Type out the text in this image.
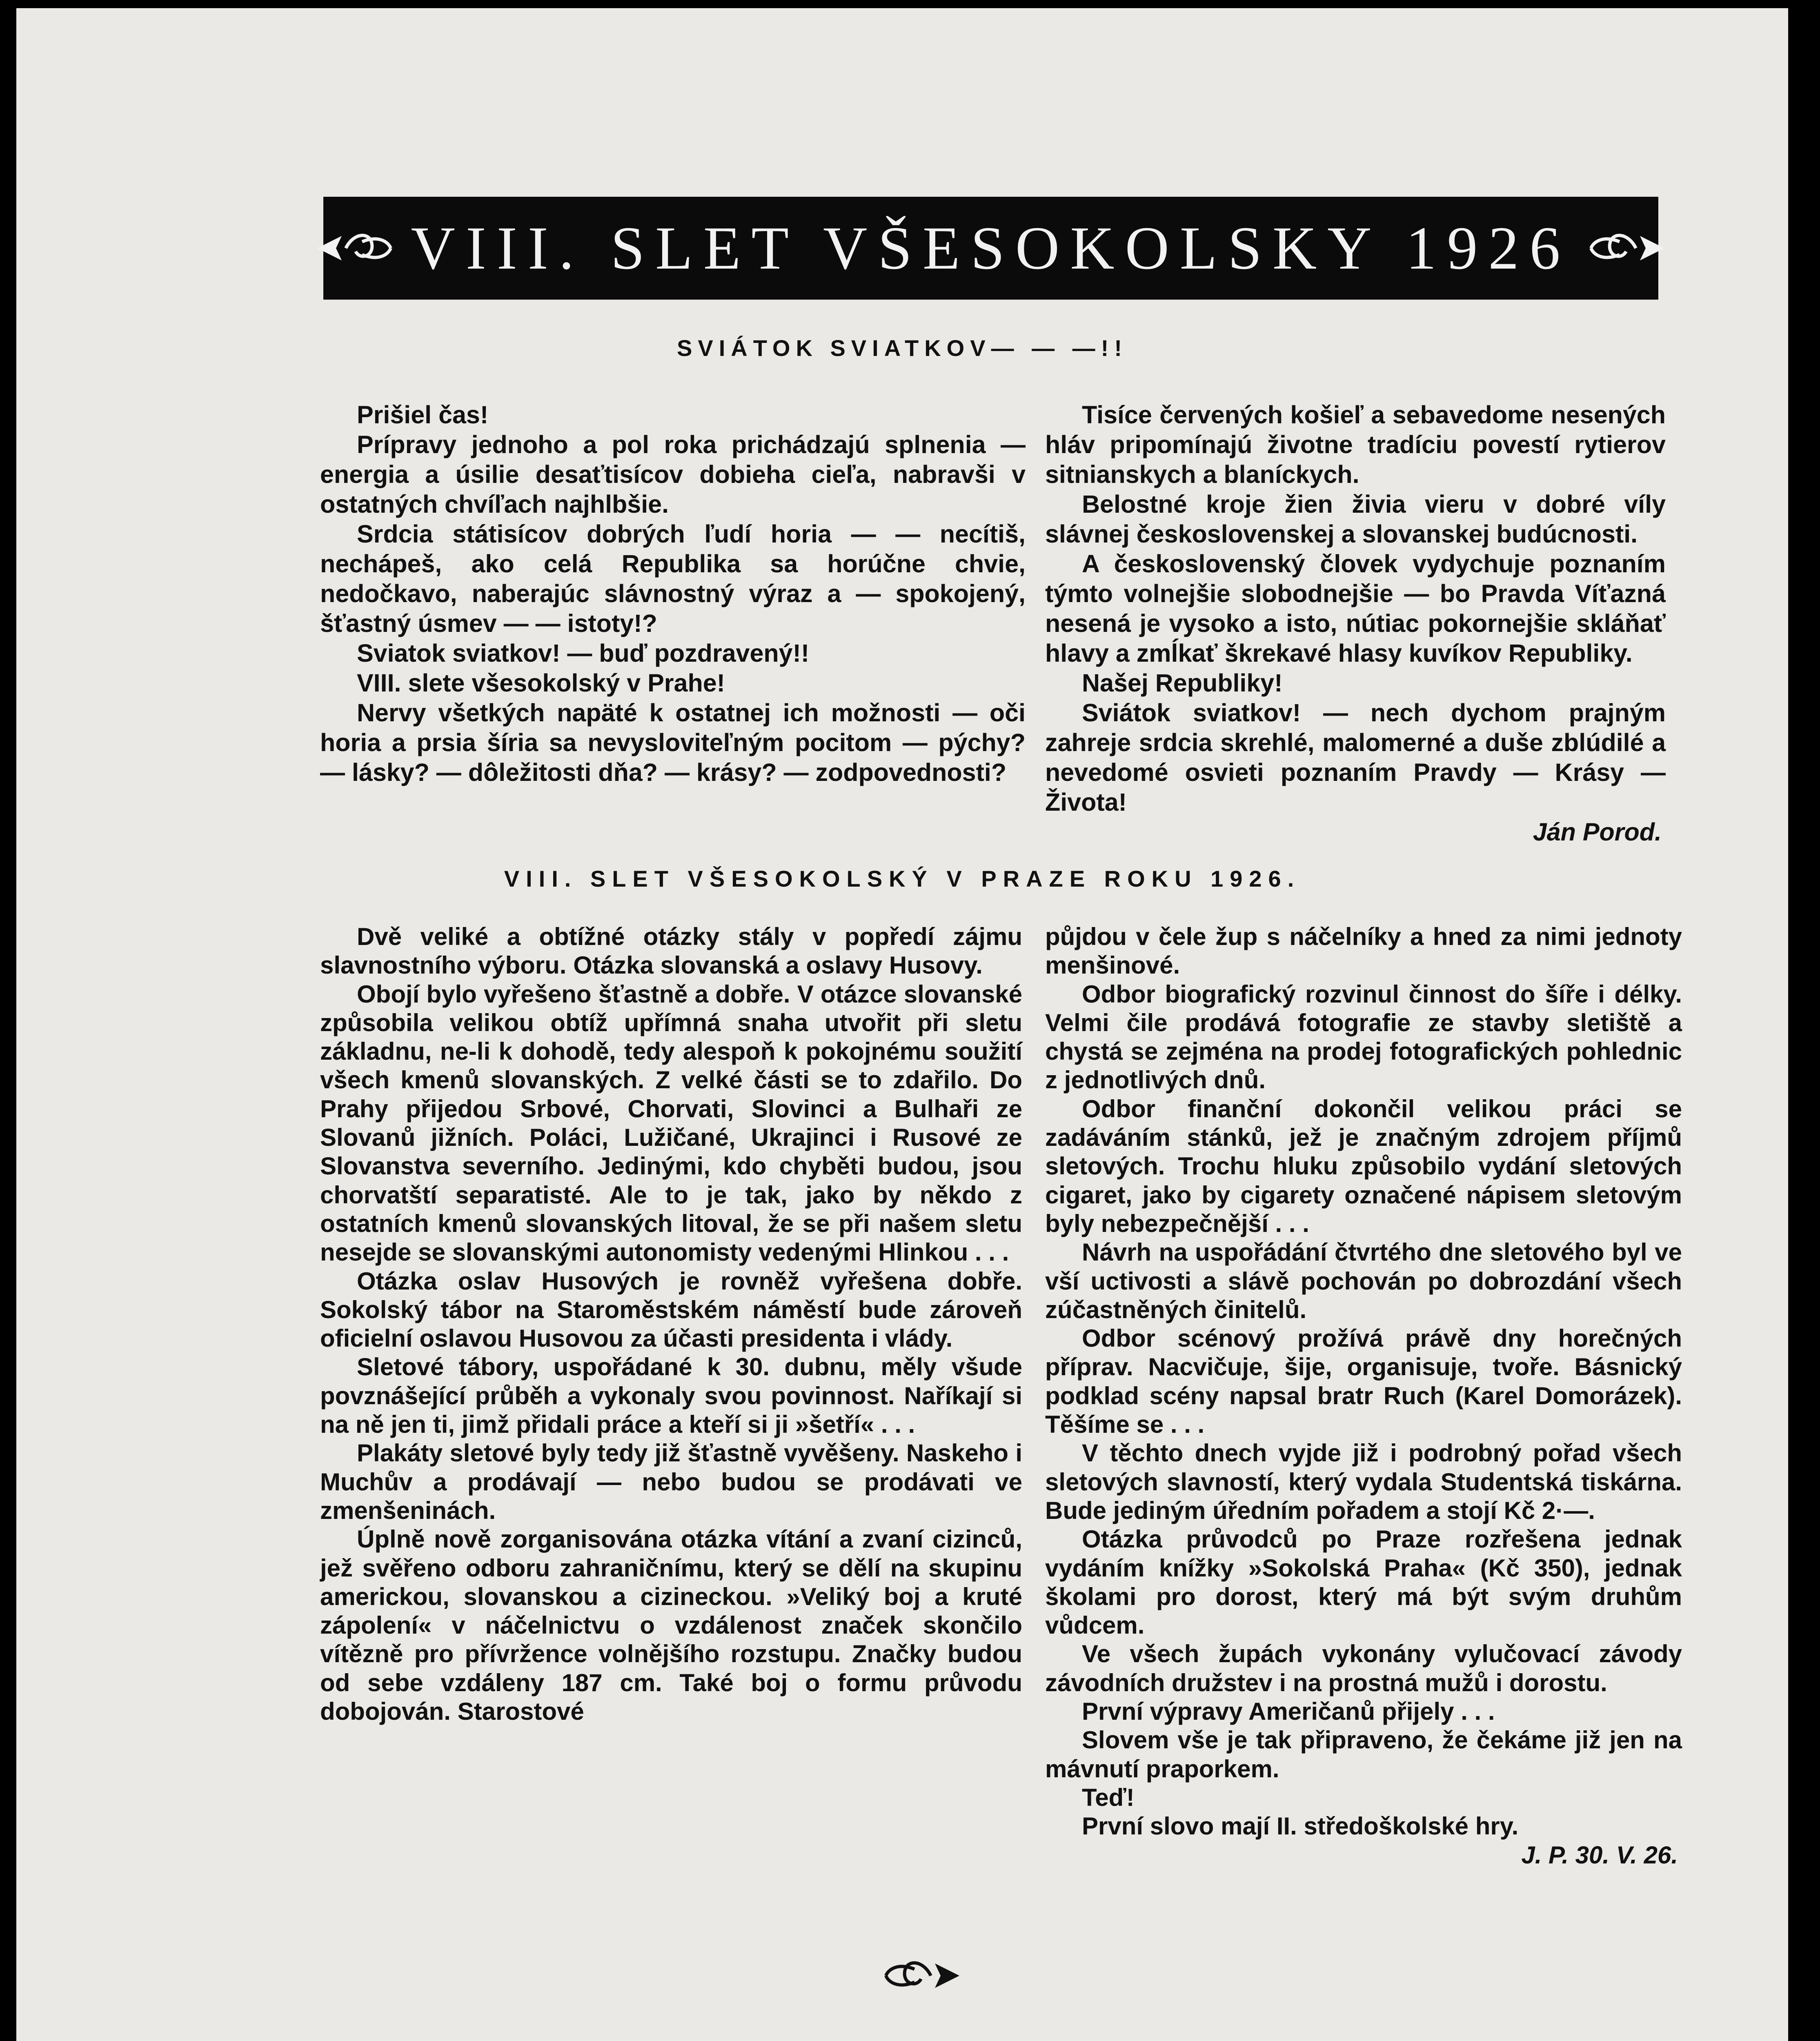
VIII. SLET VŠESOKOLSKY 1926
SVIÁTOK SVIATKOV— — —!!

Prišiel čas!

Prípravy jednoho a pol roka prichádzajú splnenia — energia a úsilie desaťtisícov dobieha cieľa, nabravši v ostatných chvíľach najhlbšie.

Srdcia státisícov dobrých ľudí horia — — necítiš, nechápeš, ako celá Republika sa horúčne chvie, nedočkavo, naberajúc slávnostný výraz a — spokojený, šťastný úsmev — — istoty!?

Sviatok sviatkov! — buď pozdravený!!

VIII. slete všesokolský v Prahe!

Nervy všetkých napäté k ostatnej ich možnosti — oči horia a prsia šíria sa nevysloviteľným pocitom — pýchy? — lásky? — dôležitosti dňa? — krásy? — zodpovednosti?

Tisíce červených košieľ a sebavedome nesených hláv pripomínajú životne tradíciu povestí rytierov sitnianskych a blaníckych.

Belostné kroje žien živia vieru v dobré víly slávnej československej a slovanskej budúcnosti.

A československý človek vydychuje poznaním týmto volnejšie slobodnejšie — bo Pravda Víťazná nesená je vysoko a isto, nútiac pokornejšie skláňať hlavy a zmĺkať škrekavé hlasy kuvíkov Republiky.

Našej Republiky!

Sviátok sviatkov! — nech dychom prajným zahreje srdcia skrehlé, malomerné a duše zblúdilé a nevedomé osvieti poznaním Pravdy — Krásy — Života!

Ján Porod.

VIII. SLET VŠESOKOLSKÝ V PRAZE ROKU 1926.

Dvě veliké a obtížné otázky stály v popředí zájmu slavnostního výboru. Otázka slovanská a oslavy Husovy.

Obojí bylo vyřešeno šťastně a dobře. V otázce slovanské způsobila velikou obtíž upřímná snaha utvořit při sletu základnu, ne-li k dohodě, tedy alespoň k pokojnému soužití všech kmenů slovanských. Z velké části se to zdařilo. Do Prahy přijedou Srbové, Chorvati, Slovinci a Bulhaři ze Slovanů jižních. Poláci, Lužičané, Ukrajinci i Rusové ze Slovanstva severního. Jedinými, kdo chyběti budou, jsou chorvatští separatisté. Ale to je tak, jako by někdo z ostatních kmenů slovanských litoval, že se při našem sletu nesejde se slovanskými autonomisty vedenými Hlinkou . . .

Otázka oslav Husových je rovněž vyřešena dobře. Sokolský tábor na Staroměstském náměstí bude zároveň oficielní oslavou Husovou za účasti presidenta i vlády.

Sletové tábory, uspořádané k 30. dubnu, měly všude povznášející průběh a vykonaly svou povinnost. Naříkají si na ně jen ti, jimž přidali práce a kteří si ji »šetří« . . .

Plakáty sletové byly tedy již šťastně vyvěšeny. Naskeho i Muchův a prodávají — nebo budou se prodávati ve zmenšeninách.

Úplně nově zorganisována otázka vítání a zvaní cizinců, jež svěřeno odboru zahraničnímu, který se dělí na skupinu americkou, slovanskou a cizineckou. »Veliký boj a kruté zápolení« v náčelnictvu o vzdálenost značek skončilo vítězně pro přívržence volnějšího rozstupu. Značky budou od sebe vzdáleny 187 cm. Také boj o formu průvodu dobojován. Starostové

půjdou v čele žup s náčelníky a hned za nimi jednoty menšinové.

Odbor biografický rozvinul činnost do šíře i délky. Velmi čile prodává fotografie ze stavby sletiště a chystá se zejména na prodej fotografických pohlednic z jednotlivých dnů.

Odbor finanční dokončil velikou práci se zadáváním stánků, jež je značným zdrojem příjmů sletových. Trochu hluku způsobilo vydání sletových cigaret, jako by cigarety označené nápisem sletovým byly nebezpečnější . . .

Návrh na uspořádání čtvrtého dne sletového byl ve vší uctivosti a slávě pochován po dobrozdání všech zúčastněných činitelů.

Odbor scénový prožívá právě dny horečných příprav. Nacvičuje, šije, organisuje, tvoře. Básnický podklad scény napsal bratr Ruch (Karel Domorázek). Těšíme se . . .

V těchto dnech vyjde již i podrobný pořad všech sletových slavností, který vydala Studentská tiskárna. Bude jediným úředním pořadem a stojí Kč 2·—.

Otázka průvodců po Praze rozřešena jednak vydáním knížky »Sokolská Praha« (Kč 350), jednak školami pro dorost, který má být svým druhům vůdcem.

Ve všech župách vykonány vylučovací závody závodních družstev i na prostná mužů i dorostu.

První výpravy Američanů přijely . . .

Slovem vše je tak připraveno, že čekáme již jen na mávnutí praporkem.

Teď!

První slovo mají II. středoškolské hry.

J. P. 30. V. 26.
